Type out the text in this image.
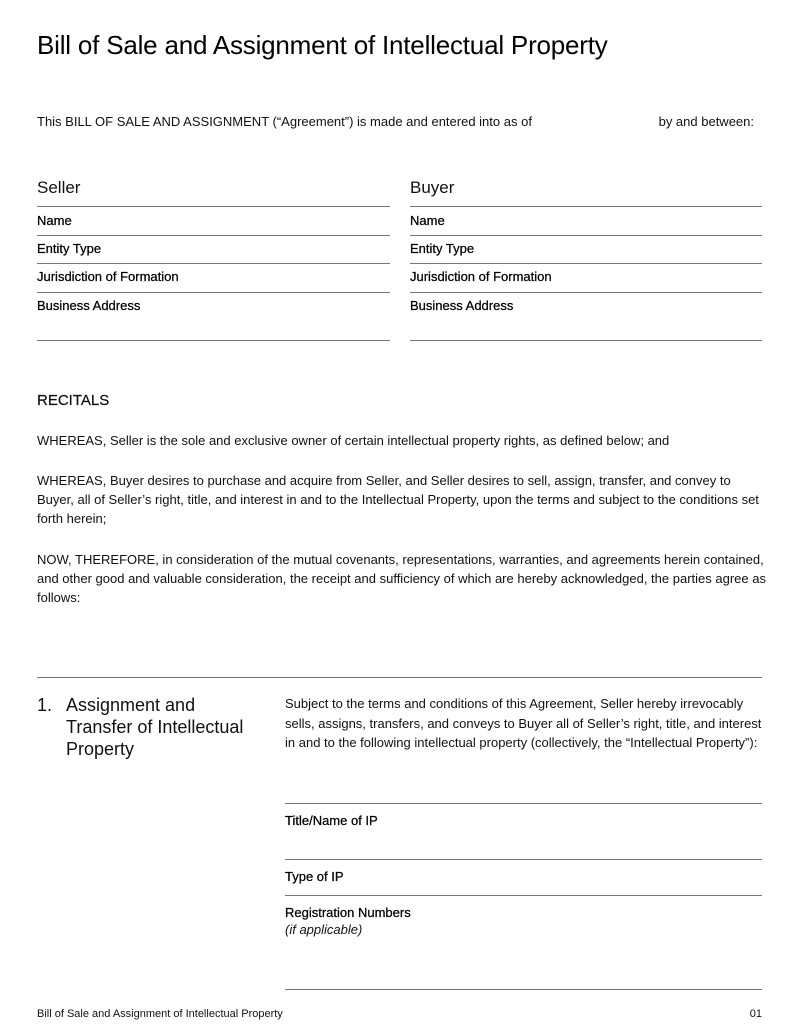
Bill of Sale and Assignment of Intellectual Property
This BILL OF SALE AND ASSIGNMENT (“Agreement”) is made and entered into as of	by and between:
Seller
Name
Entity Type
Jurisdiction of Formation
Business Address
Buyer
Name
Entity Type
Jurisdiction of Formation
Business Address
RECITALS
WHEREAS, Seller is the sole and exclusive owner of certain intellectual property rights, as defined below; and
WHEREAS, Buyer desires to purchase and acquire from Seller, and Seller desires to sell, assign, transfer, and convey to Buyer, all of Seller’s right, title, and interest in and to the Intellectual Property, upon the terms and subject to the conditions set forth herein;
NOW, THEREFORE, in consideration of the mutual covenants, representations, warranties, and agreements herein contained, and other good and valuable consideration, the receipt and sufficiency of which are hereby acknowledged, the parties agree as follows:
1. Assignment and Transfer of Intellectual Property
Subject to the terms and conditions of this Agreement, Seller hereby irrevocably sells, assigns, transfers, and conveys to Buyer all of Seller’s right, title, and interest in and to the following intellectual property (collectively, the “Intellectual Property”):
Title/Name of IP
Type of IP
Registration Numbers
(if applicable)
Bill of Sale and Assignment of Intellectual Property	01
